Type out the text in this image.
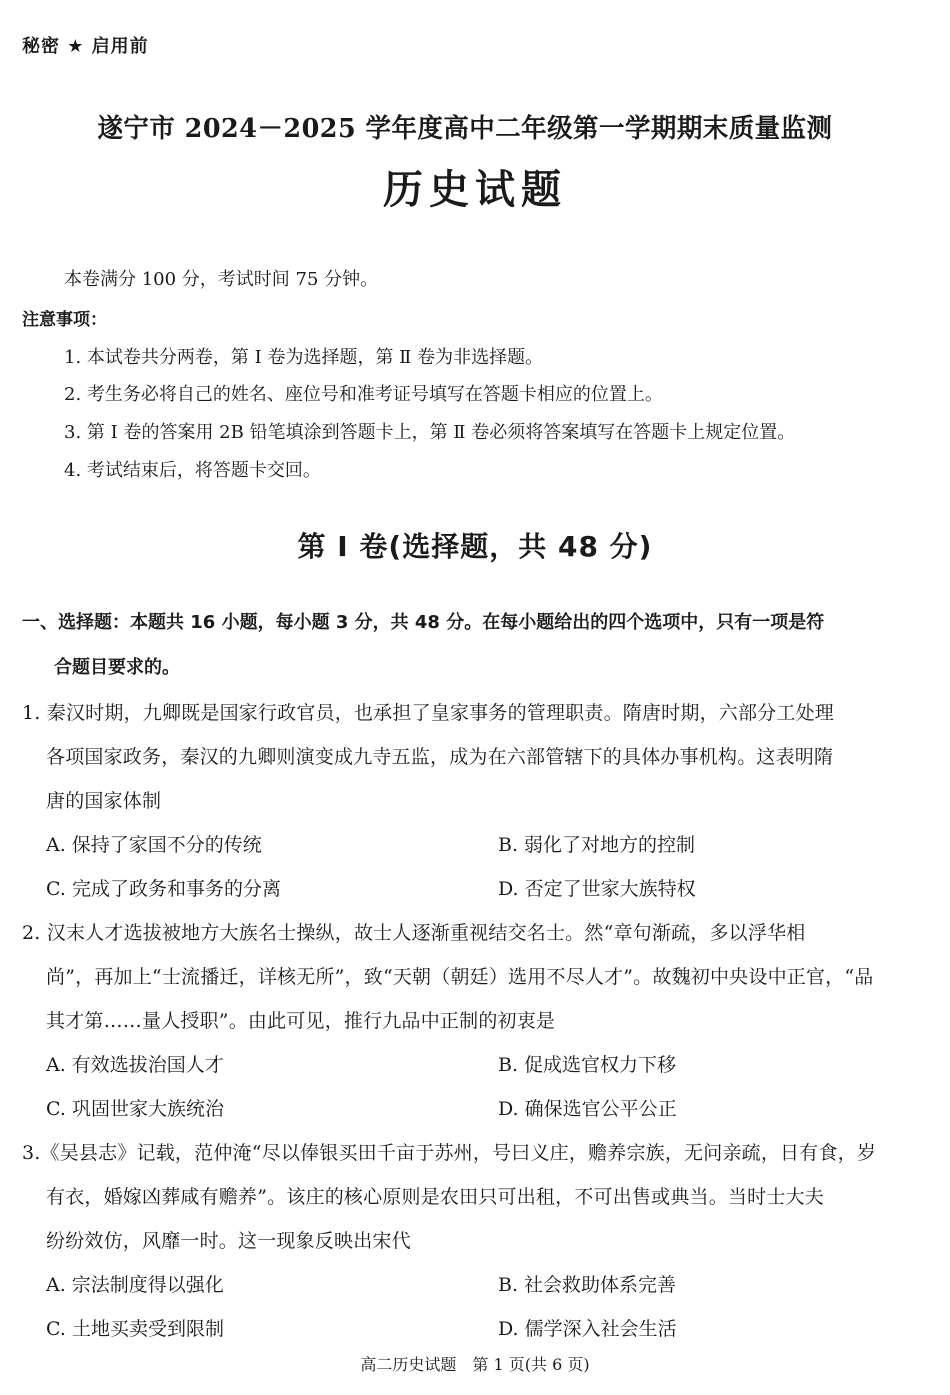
秘密 ★ 启用前
遂宁市 2024－2025 学年度高中二年级第一学期期末质量监测
历史试题
本卷满分 100 分，考试时间 75 分钟。
注意事项：
1. 本试卷共分两卷，第 Ⅰ 卷为选择题，第 Ⅱ 卷为非选择题。
2. 考生务必将自己的姓名、座位号和准考证号填写在答题卡相应的位置上。
3. 第 Ⅰ 卷的答案用 2B 铅笔填涂到答题卡上，第 Ⅱ 卷必须将答案填写在答题卡上规定位置。
4. 考试结束后，将答题卡交回。
第 Ⅰ 卷(选择题，共 48 分)
一、选择题：本题共 16 小题，每小题 3 分，共 48 分。在每小题给出的四个选项中，只有一项是符
合题目要求的。
1. 秦汉时期，九卿既是国家行政官员，也承担了皇家事务的管理职责。隋唐时期，六部分工处理
各项国家政务，秦汉的九卿则演变成九寺五监，成为在六部管辖下的具体办事机构。这表明隋
唐的国家体制
A. 保持了家国不分的传统	B. 弱化了对地方的控制
C. 完成了政务和事务的分离	D. 否定了世家大族特权
2. 汉末人才选拔被地方大族名士操纵，故士人逐渐重视结交名士。然“章句渐疏，多以浮华相
尚”，再加上“士流播迁，详核无所”，致“天朝（朝廷）选用不尽人才”。故魏初中央设中正官，“品
其才第……量人授职”。由此可见，推行九品中正制的初衷是
A. 有效选拔治国人才	B. 促成选官权力下移
C. 巩固世家大族统治	D. 确保选官公平公正
3.《吴县志》记载，范仲淹“尽以俸银买田千亩于苏州，号曰义庄，赡养宗族，无问亲疏，日有食，岁
有衣，婚嫁凶葬咸有赡养”。该庄的核心原则是农田只可出租，不可出售或典当。当时士大夫
纷纷效仿，风靡一时。这一现象反映出宋代
A. 宗法制度得以强化	B. 社会救助体系完善
C. 土地买卖受到限制	D. 儒学深入社会生活
高二历史试题　第 1 页(共 6 页)
